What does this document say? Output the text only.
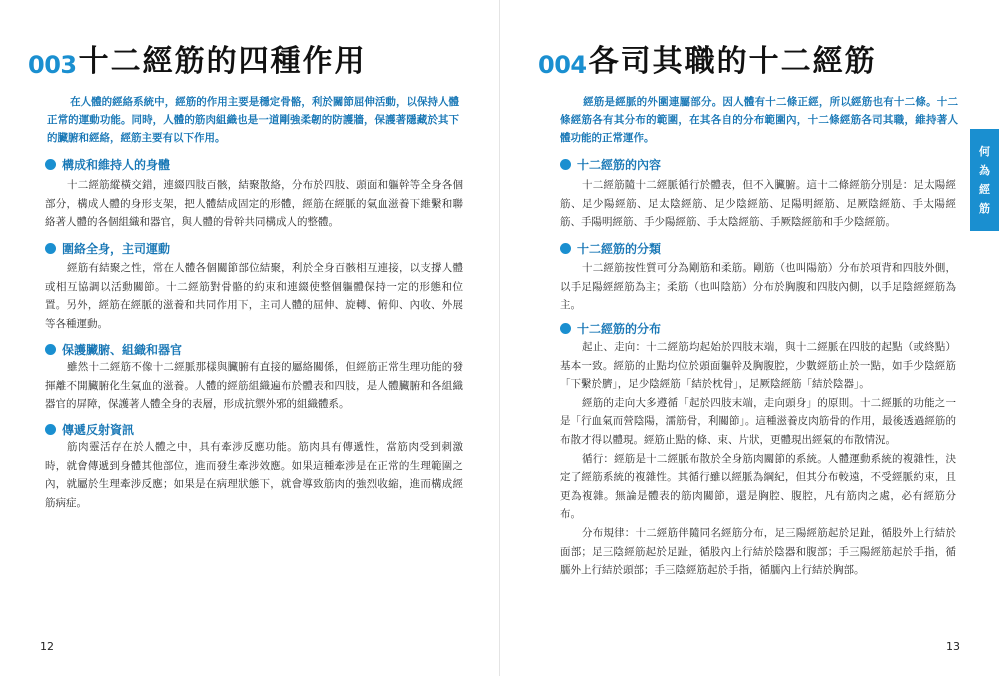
003 十二經筋的四種作用
在人體的經絡系統中，經筋的作用主要是穩定骨骼，利於關節屈伸活動，以保持人體正常的運動功能。同時，人體的筋肉組織也是一道剛強柔韌的防護牆，保護著隱藏於其下的臟腑和經絡，經筋主要有以下作用。
構成和維持人的身體

十二經筋縱橫交錯，連綴四肢百骸，結聚散絡，分布於四肢、頭面和軀幹等全身各個部分，構成人體的身形支架，把人體結成固定的形體，經筋在經脈的氣血滋養下維繫和聯絡著人體的各個組織和器官，與人體的骨幹共同構成人的整體。

圍絡全身，主司運動

經筋有結聚之性，常在人體各個關節部位結聚，利於全身百骸相互連接，以支撐人體或相互協調以活動關節。十二經筋對骨骼的約束和連綴使整個軀體保持一定的形態和位置。另外，經筋在經脈的滋養和共同作用下，主司人體的屈伸、旋轉、俯仰、內收、外展等各種運動。

保護臟腑、組織和器官

雖然十二經筋不像十二經脈那樣與臟腑有直接的屬絡關係，但經筋正常生理功能的發揮離不開臟腑化生氣血的滋養。人體的經筋組織遍布於體表和四肢，是人體臟腑和各組織器官的屏障，保護著人體全身的表層，形成抗禦外邪的組織體系。

傳遞反射資訊

筋肉靈活存在於人體之中，具有牽涉反應功能。筋肉具有傳遞性，當筋肉受到刺激時，就會傳遞到身體其他部位，進而發生牽涉效應。如果這種牽涉是在正常的生理範圍之內，就屬於生理牽涉反應；如果是在病理狀態下，就會導致筋肉的強烈收縮，進而構成經筋病症。

12
004 各司其職的十二經筋
經筋是經脈的外圍連屬部分。因人體有十二條正經，所以經筋也有十二條。十二條經筋各有其分布的範圍，在其各自的分布範圍內，十二條經筋各司其職，維持著人體功能的正常運作。
十二經筋的內容

十二經筋隨十二經脈循行於體表，但不入臟腑。這十二條經筋分別是：足太陽經筋、足少陽經筋、足太陰經筋、足少陰經筋、足陽明經筋、足厥陰經筋、手太陽經筋、手陽明經筋、手少陽經筋、手太陰經筋、手厥陰經筋和手少陰經筋。

十二經筋的分類

十二經筋按性質可分為剛筋和柔筋。剛筋（也叫陽筋）分布於項背和四肢外側，以手足陽經經筋為主；柔筋（也叫陰筋）分布於胸腹和四肢內側，以手足陰經經筋為主。

十二經筋的分布

起止、走向：十二經筋均起始於四肢末端，與十二經脈在四肢的起點（或終點）基本一致。經筋的止點均位於頭面軀幹及胸腹腔，少數經筋止於一點，如手少陰經筋「下繫於臍」，足少陰經筋「結於枕骨」，足厥陰經筋「結於陰器」。

經筋的走向大多遵循「起於四肢末端，走向頭身」的原則。十二經脈的功能之一是「行血氣而營陰陽，濡筋骨，利關節」。這種滋養皮肉筋骨的作用，最後透過經筋的布散才得以體現。經筋止點的條、束、片狀，更體現出經氣的布散情況。

循行：經筋是十二經脈布散於全身筋肉關節的系統。人體運動系統的複雜性，決定了經筋系統的複雜性。其循行雖以經脈為綱紀，但其分布較遠，不受經脈約束，且更為複雜。無論是體表的筋肉關節，還是胸腔、腹腔，凡有筋肉之處，必有經筋分布。

分布規律：十二經筋伴隨同名經筋分布，足三陽經筋起於足趾，循股外上行結於面部；足三陰經筋起於足趾，循股內上行結於陰器和腹部；手三陽經筋起於手指，循臑外上行結於頭部；手三陰經筋起於手指，循臑內上行結於胸部。

13
何
為
經
筋
